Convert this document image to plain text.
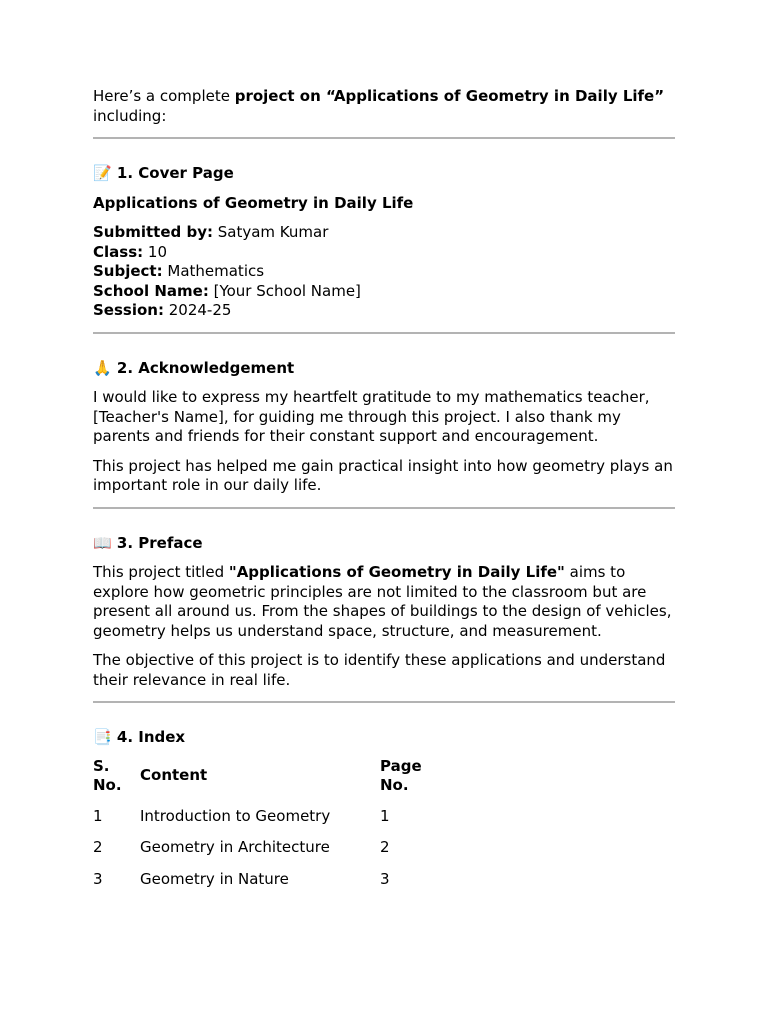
Here’s a complete project on “Applications of Geometry in Daily Life” including:

📝 1. Cover Page

Applications of Geometry in Daily Life

Submitted by: Satyam Kumar
Class: 10
Subject: Mathematics
School Name: [Your School Name]
Session: 2024-25

🙏 2. Acknowledgement

I would like to express my heartfelt gratitude to my mathematics teacher, [Teacher's Name], for guiding me through this project. I also thank my parents and friends for their constant support and encouragement.

This project has helped me gain practical insight into how geometry plays an important role in our daily life.

📖 3. Preface

This project titled "Applications of Geometry in Daily Life" aims to explore how geometric principles are not limited to the classroom but are present all around us. From the shapes of buildings to the design of vehicles, geometry helps us understand space, structure, and measurement.

The objective of this project is to identify these applications and understand their relevance in real life.

📑 4. Index

S. No.	Content	Page No.
1	Introduction to Geometry	1
2	Geometry in Architecture	2
3	Geometry in Nature	3
